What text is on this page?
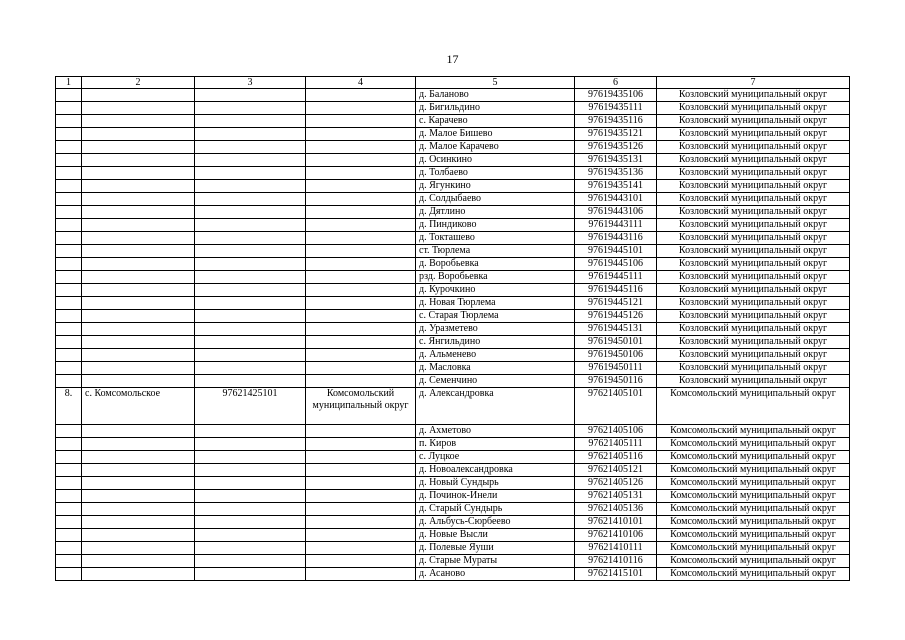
17
1	2	3	4	5	6	7
				д. Баланово	97619435106	Козловский муниципальный округ
				д. Бигильдино	97619435111	Козловский муниципальный округ
				с. Карачево	97619435116	Козловский муниципальный округ
				д. Малое Бишево	97619435121	Козловский муниципальный округ
				д. Малое Карачево	97619435126	Козловский муниципальный округ
				д. Осинкино	97619435131	Козловский муниципальный округ
				д. Толбаево	97619435136	Козловский муниципальный округ
				д. Ягункино	97619435141	Козловский муниципальный округ
				д. Солдыбаево	97619443101	Козловский муниципальный округ
				д. Дятлино	97619443106	Козловский муниципальный округ
				д. Пиндиково	97619443111	Козловский муниципальный округ
				д. Токташево	97619443116	Козловский муниципальный округ
				ст. Тюрлема	97619445101	Козловский муниципальный округ
				д. Воробьевка	97619445106	Козловский муниципальный округ
				рзд. Воробьевка	97619445111	Козловский муниципальный округ
				д. Курочкино	97619445116	Козловский муниципальный округ
				д. Новая Тюрлема	97619445121	Козловский муниципальный округ
				с. Старая Тюрлема	97619445126	Козловский муниципальный округ
				д. Уразметево	97619445131	Козловский муниципальный округ
				с. Янгильдино	97619450101	Козловский муниципальный округ
				д. Альменево	97619450106	Козловский муниципальный округ
				д. Масловка	97619450111	Козловский муниципальный округ
				д. Семенчино	97619450116	Козловский муниципальный округ
8.	с. Комсомольское	97621425101	Комсомольский муниципальный округ	д. Александровка	97621405101	Комсомольский муниципальный округ
				д. Ахметово	97621405106	Комсомольский муниципальный округ
				п. Киров	97621405111	Комсомольский муниципальный округ
				с. Луцкое	97621405116	Комсомольский муниципальный округ
				д. Новоалександровка	97621405121	Комсомольский муниципальный округ
				д. Новый Сундырь	97621405126	Комсомольский муниципальный округ
				д. Починок-Инели	97621405131	Комсомольский муниципальный округ
				д. Старый Сундырь	97621405136	Комсомольский муниципальный округ
				д. Альбусь-Сюрбеево	97621410101	Комсомольский муниципальный округ
				д. Новые Высли	97621410106	Комсомольский муниципальный округ
				д. Полевые Яуши	97621410111	Комсомольский муниципальный округ
				д. Старые Мураты	97621410116	Комсомольский муниципальный округ
				д. Асаново	97621415101	Комсомольский муниципальный округ
